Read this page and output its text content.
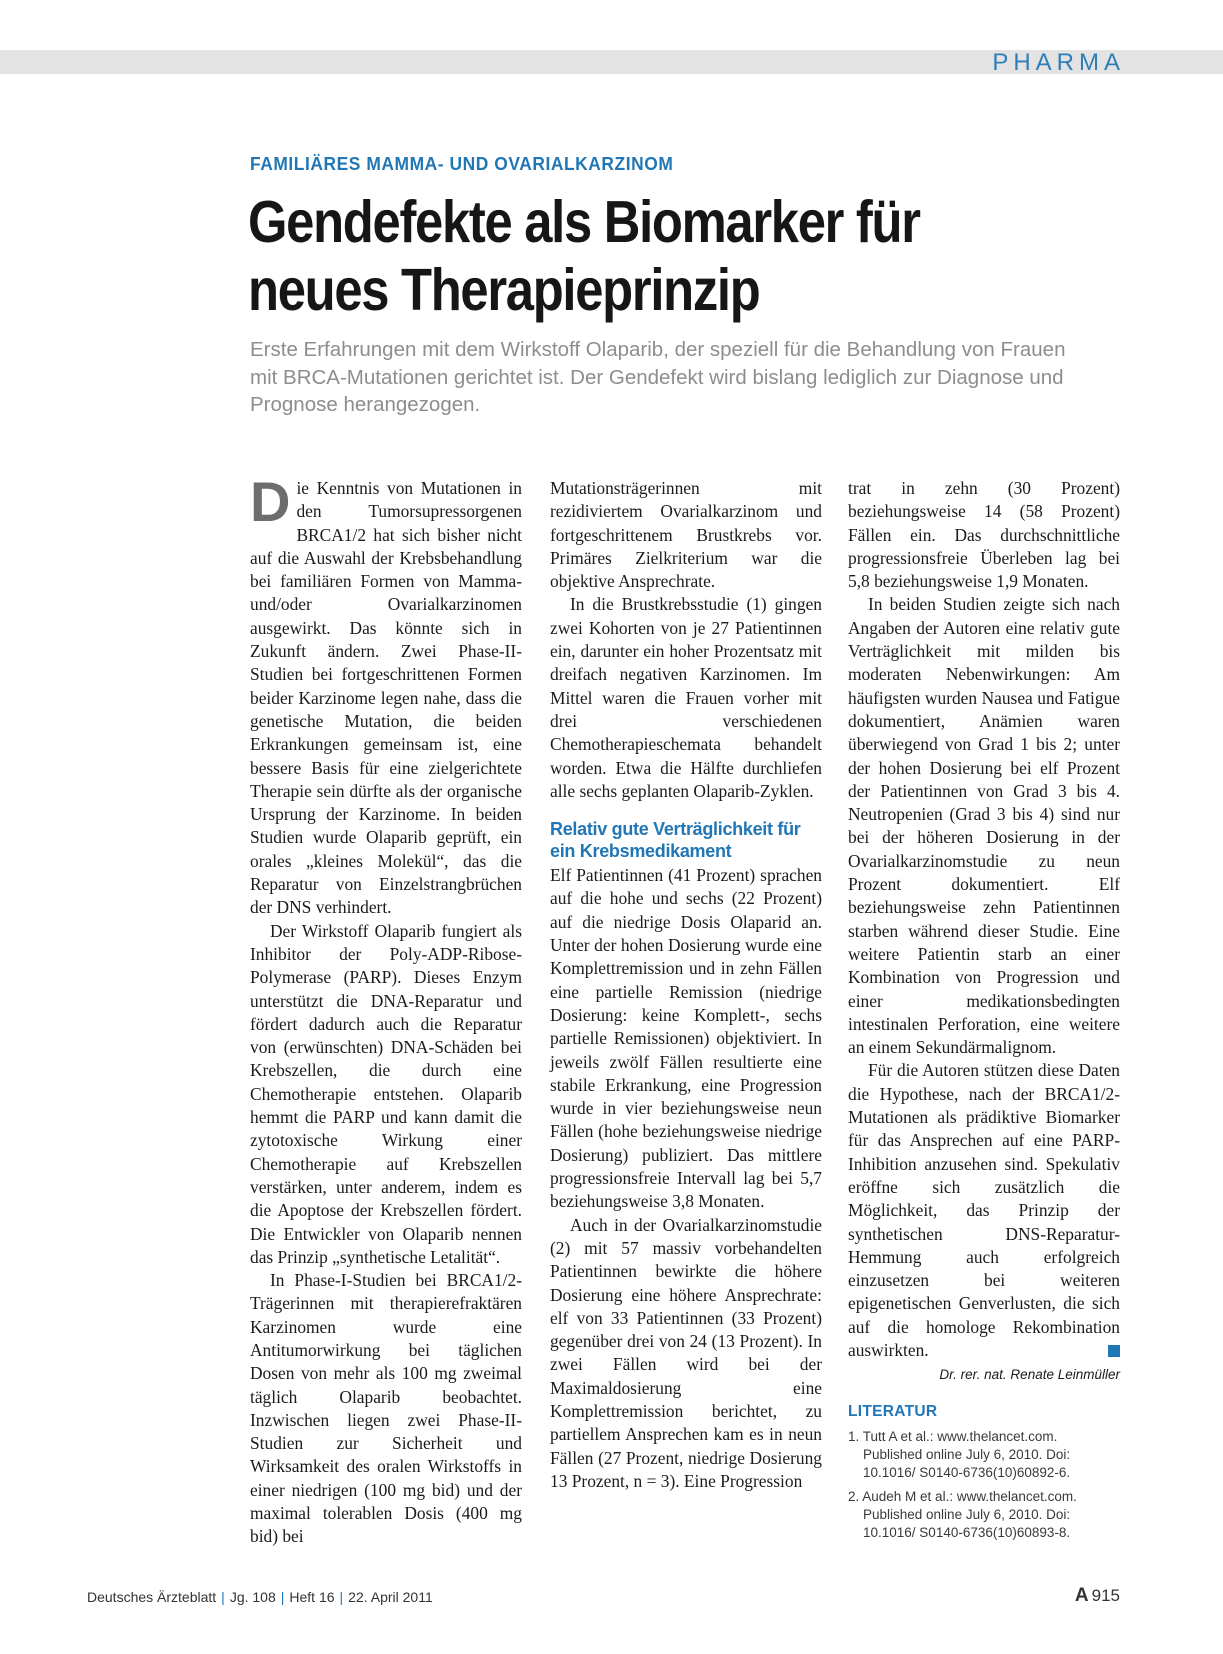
PHARMA
FAMILIÄRES MAMMA- UND OVARIALKARZINOM
Gendefekte als Biomarker für
neues Therapieprinzip

Erste Erfahrungen mit dem Wirkstoff Olaparib, der speziell für die Behandlung von Frauen mit BRCA-Mutationen gerichtet ist. Der Gendefekt wird bislang lediglich zur Diagnose und Prognose herangezogen.

Die Kenntnis von Mutationen in den Tumorsupressorgenen BRCA1/2 hat sich bisher nicht auf die Auswahl der Krebsbehandlung bei familiären Formen von Mamma- und/oder Ovarialkarzinomen ausgewirkt. Das könnte sich in Zukunft ändern. Zwei Phase-II-Studien bei fortgeschrittenen Formen beider Karzinome legen nahe, dass die genetische Mutation, die beiden Erkrankungen gemeinsam ist, eine bessere Basis für eine zielgerichtete Therapie sein dürfte als der organische Ursprung der Karzinome. In beiden Studien wurde Olaparib geprüft, ein orales „kleines Molekül“, das die Reparatur von Einzelstrangbrüchen der DNS verhindert.

Der Wirkstoff Olaparib fungiert als Inhibitor der Poly-ADP-Ribose-Polymerase (PARP). Dieses Enzym unterstützt die DNA-Reparatur und fördert dadurch auch die Reparatur von (erwünschten) DNA-Schäden bei Krebszellen, die durch eine Chemotherapie entstehen. Olaparib hemmt die PARP und kann damit die zytotoxische Wirkung einer Chemotherapie auf Krebszellen verstärken, unter anderem, indem es die Apoptose der Krebszellen fördert. Die Entwickler von Olaparib nennen das Prinzip „synthetische Letalität“.

In Phase-I-Studien bei BRCA1/2-Trägerinnen mit therapierefraktären Karzinomen wurde eine Antitumorwirkung bei täglichen Dosen von mehr als 100 mg zweimal täglich Olaparib beobachtet. Inzwischen liegen zwei Phase-II-Studien zur Sicherheit und Wirksamkeit des oralen Wirkstoffs in einer niedrigen (100 mg bid) und der maximal tolerablen Dosis (400 mg bid) bei

Mutationsträgerinnen mit rezidiviertem Ovarialkarzinom und fortgeschrittenem Brustkrebs vor. Primäres Zielkriterium war die objektive Ansprechrate.

In die Brustkrebsstudie (1) gingen zwei Kohorten von je 27 Patientinnen ein, darunter ein hoher Prozentsatz mit dreifach negativen Karzinomen. Im Mittel waren die Frauen vorher mit drei verschiedenen Chemotherapieschemata behandelt worden. Etwa die Hälfte durchliefen alle sechs geplanten Olaparib-Zyklen.

Relativ gute Verträglichkeit für ein Krebsmedikament

Elf Patientinnen (41 Prozent) sprachen auf die hohe und sechs (22 Prozent) auf die niedrige Dosis Olaparid an. Unter der hohen Dosierung wurde eine Komplettremission und in zehn Fällen eine partielle Remission (niedrige Dosierung: keine Komplett-, sechs partielle Remissionen) objektiviert. In jeweils zwölf Fällen resultierte eine stabile Erkrankung, eine Progression wurde in vier beziehungsweise neun Fällen (hohe beziehungsweise niedrige Dosierung) publiziert. Das mittlere progressionsfreie Intervall lag bei 5,7 beziehungsweise 3,8 Monaten.

Auch in der Ovarialkarzinomstudie (2) mit 57 massiv vorbehandelten Patientinnen bewirkte die höhere Dosierung eine höhere Ansprechrate: elf von 33 Patientinnen (33 Prozent) gegenüber drei von 24 (13 Prozent). In zwei Fällen wird bei der Maximaldosierung eine Komplettremission berichtet, zu partiellem Ansprechen kam es in neun Fällen (27 Prozent, niedrige Dosierung 13 Prozent, n = 3). Eine Progression

trat in zehn (30 Prozent) beziehungsweise 14 (58 Prozent) Fällen ein. Das durchschnittliche progressionsfreie Überleben lag bei 5,8 beziehungsweise 1,9 Monaten.

In beiden Studien zeigte sich nach Angaben der Autoren eine relativ gute Verträglichkeit mit milden bis moderaten Nebenwirkungen: Am häufigsten wurden Nausea und Fatigue dokumentiert, Anämien waren überwiegend von Grad 1 bis 2; unter der hohen Dosierung bei elf Prozent der Patientinnen von Grad 3 bis 4. Neutropenien (Grad 3 bis 4) sind nur bei der höheren Dosierung in der Ovarialkarzinomstudie zu neun Prozent dokumentiert. Elf beziehungsweise zehn Patientinnen starben während dieser Studie. Eine weitere Patientin starb an einer Kombination von Progression und einer medikationsbedingten intestinalen Perforation, eine weitere an einem Sekundärmalignom.

Für die Autoren stützen diese Daten die Hypothese, nach der BRCA1/2-Mutationen als prädiktive Biomarker für das Ansprechen auf eine PARP-Inhibition anzusehen sind. Spekulativ eröffne sich zusätzlich die Möglichkeit, das Prinzip der synthetischen DNS-Reparatur-Hemmung auch erfolgreich einzusetzen bei weiteren epigenetischen Genverlusten, die sich auf die homologe Rekombination auswirkten.

Dr. rer. nat. Renate Leinmüller
LITERATUR
1. Tutt A et al.: www.thelancet.com. Published online July 6, 2010. Doi: 10.1016/ S0140-6736(10)60892-6.
2. Audeh M et al.: www.thelancet.com. Published online July 6, 2010. Doi: 10.1016/ S0140-6736(10)60893-8.
Deutsches Ärzteblatt | Jg. 108 | Heft 16 | 22. April 2011	A 915
